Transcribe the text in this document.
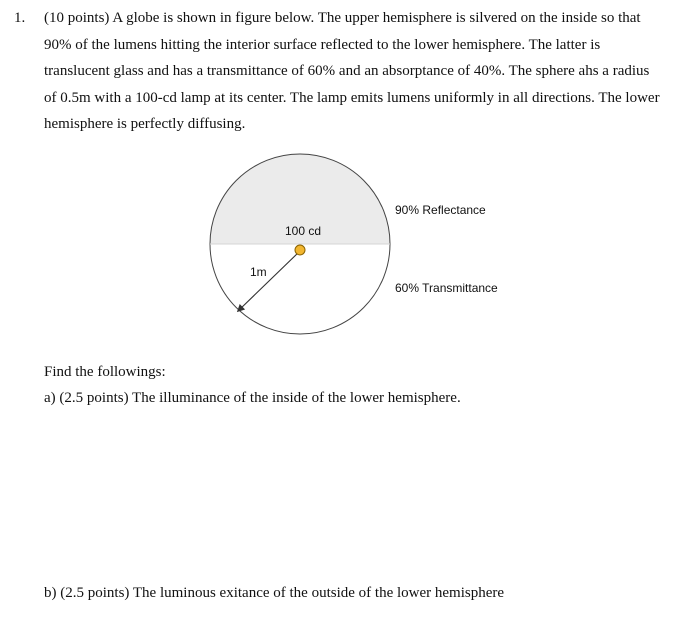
1. (10 points) A globe is shown in figure below. The upper hemisphere is silvered on the inside so that
90% of the lumens hitting the interior surface reflected to the lower hemisphere. The latter is
translucent glass and has a transmittance of 60% and an absorptance of 40%. The sphere ahs a radius
of 0.5m with a 100-cd lamp at its center. The lamp emits lumens uniformly in all directions. The lower
hemisphere is perfectly diffusing.
100 cd
1m
90% Reflectance
60% Transmittance
Find the followings:
a) (2.5 points) The illuminance of the inside of the lower hemisphere.
b) (2.5 points) The luminous exitance of the outside of the lower hemisphere
